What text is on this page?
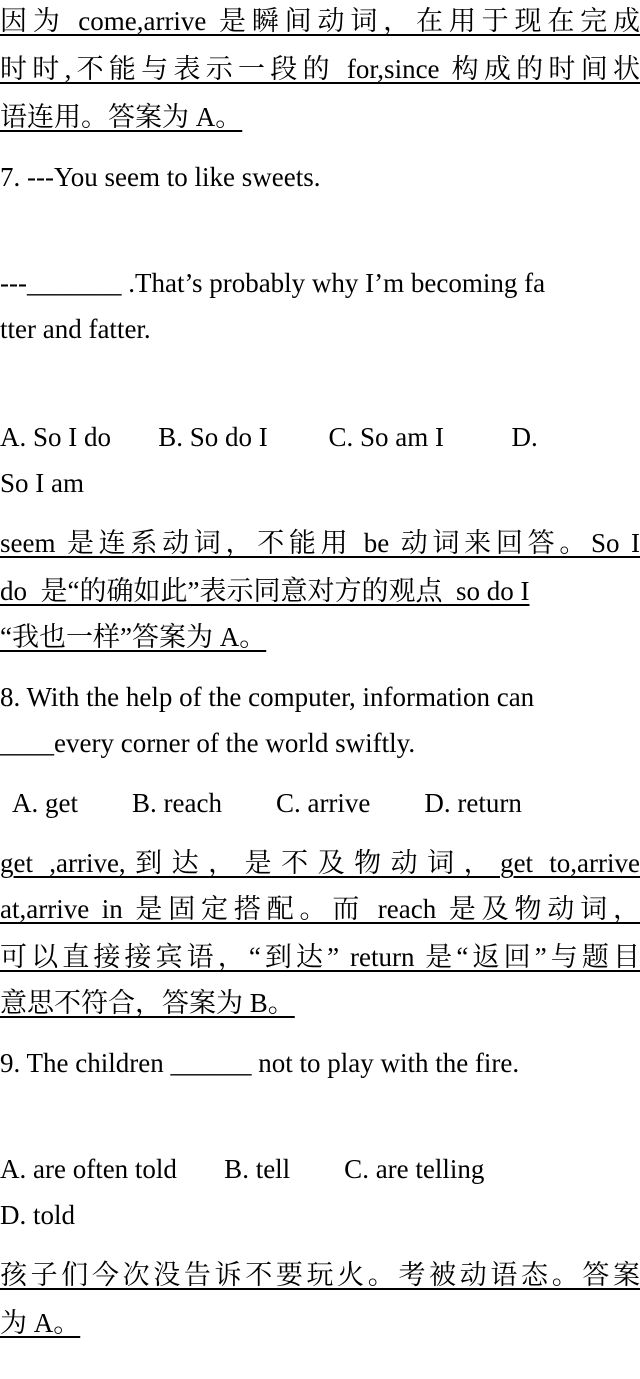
因为 come,arrive 是瞬间动词，在用于现在完成
时时,不能与表示一段的 for,since 构成的时间状
语连用。答案为 A。
7. ---You seem to like sweets.
---_______ .That’s probably why I’m becoming fa
tter and fatter.
A. So I do       B. So do I         C. So am I          D.
So I am
seem 是连系动词，不能用 be 动词来回答。So I
do  是“的确如此”表示同意对方的观点  so do I
“我也一样”答案为 A。
8. With the help of the computer, information can
____every corner of the world swiftly.
A. get        B. reach        C. arrive        D. return
get ,arrive,到达，是不及物动词，get to,arrive
at,arrive in 是固定搭配。而 reach 是及物动词，
可以直接接宾语，“到达” return 是“返回”与题目
意思不符合，答案为 B。
9. The children ______ not to play with the fire.
A. are often told       B. tell        C. are telling
D. told
孩子们今次没告诉不要玩火。考被动语态。答案
为 A。
